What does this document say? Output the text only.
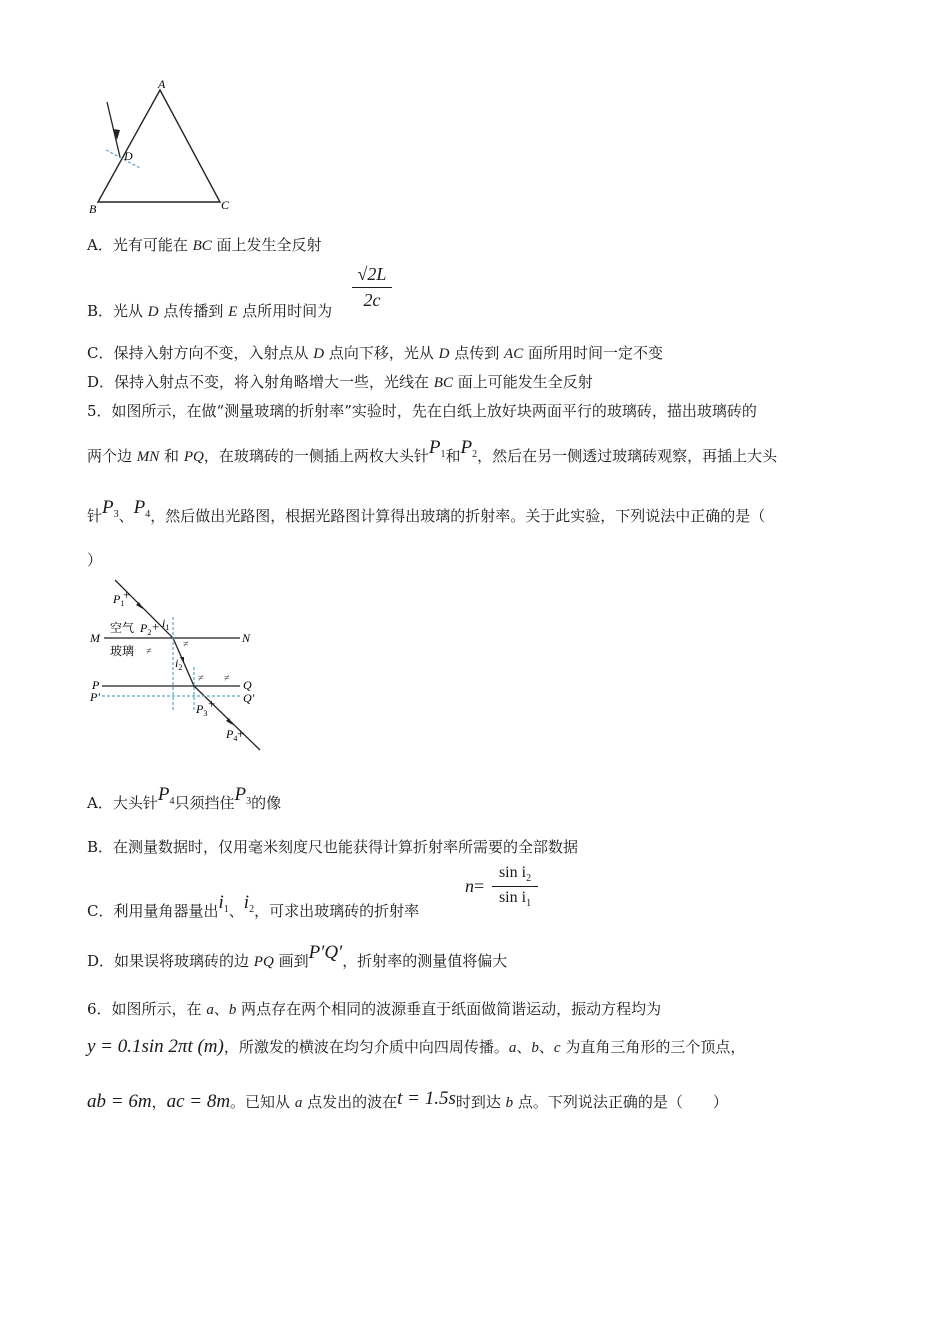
A
B	C
D
A．光有可能在 BC 面上发生全反射
B．光从 D 点传播到 E 点所用时间为
√2L
2c
C．保持入射方向不变，入射点从 D 点向下移，光从 D 点传到 AC 面所用时间一定不变
D．保持入射点不变，将入射角略增大一些，光线在 BC 面上可能发生全反射
5．如图所示，在做“测量玻璃的折射率”实验时，先在白纸上放好块两面平行的玻璃砖，描出玻璃砖的
两个边 MN 和 PQ，在玻璃砖的一侧插上两枚大头针$P_1$和$P_2$，然后在另一侧透过玻璃砖观察，再插上大头
针$P_3$、$P_4$，然后做出光路图，根据光路图计算得出玻璃的折射率。关于此实验，下列说法中正确的是（
）
+
+
+
+
$P_1$
$P_2$
$i_1$
$i_2$
$P_3$
$P_4$
M	N
P	Q
P′	Q′
空气
玻璃 ≠
≠
≠ ≠
A．大头针$P_4$只须挡住$P_3$的像
B．在测量数据时，仅用毫米刻度尺也能获得计算折射率所需要的全部数据
C．利用量角器量出$i_1$、$i_2$，可求出玻璃砖的折射率
n=
$\sin i_2$
$\sin i_1$
D．如果误将玻璃砖的边 PQ 画到P′Q′，折射率的测量值将偏大
6．如图所示，在 a、b 两点存在两个相同的波源垂直于纸面做简谐运动，振动方程均为
y = 0.1sin 2πt (m)，所激发的横波在均匀介质中向四周传播。a、b、c 为直角三角形的三个顶点，
ab = 6m，ac = 8m。已知从 a 点发出的波在t = 1.5s时到达 b 点。下列说法正确的是（　　）
